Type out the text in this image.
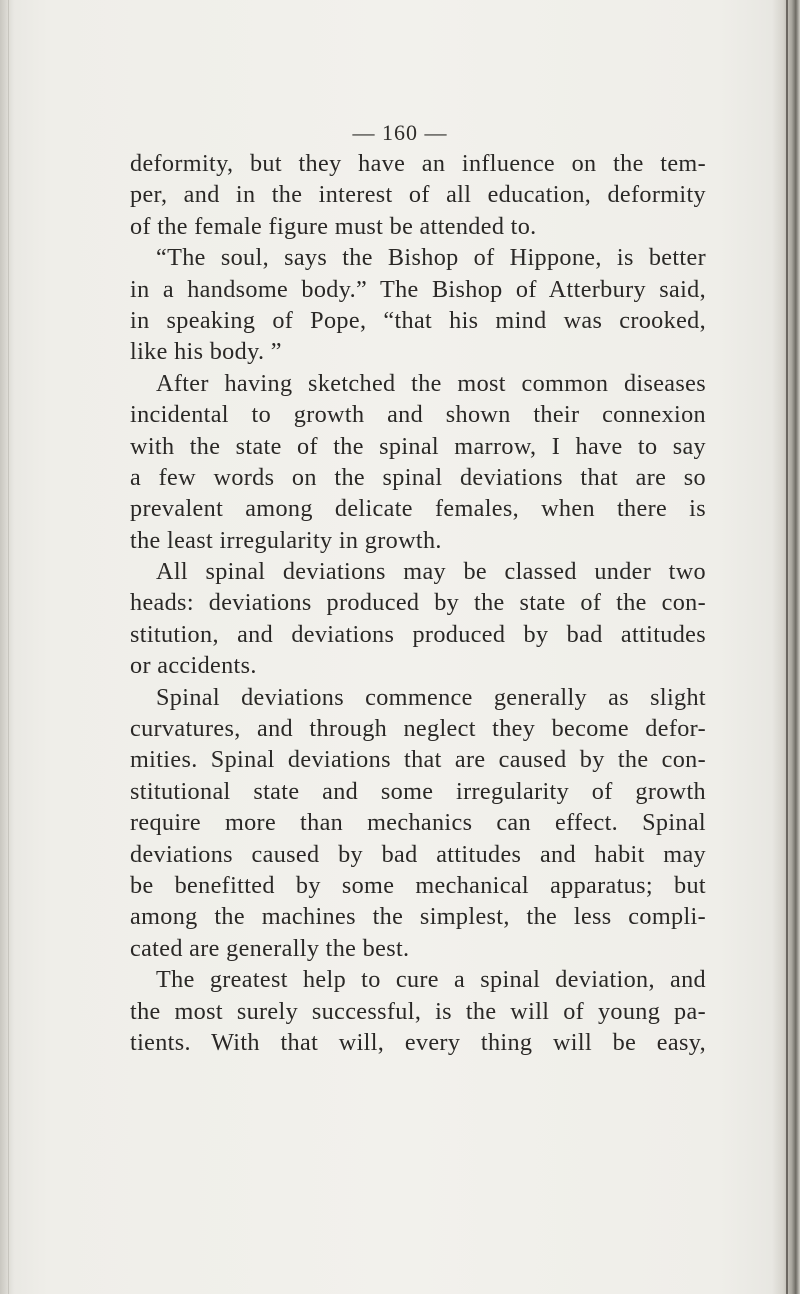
— 160 —
deformity, but they have an influence on the tem-
per, and in the interest of all education, deformity
of the female figure must be attended to.
“The soul, says the Bishop of Hippone, is better
in a handsome body.” The Bishop of Atterbury said,
in speaking of Pope, “that his mind was crooked,
like his body. ”
After having sketched the most common diseases
incidental to growth and shown their connexion
with the state of the spinal marrow, I have to say
a few words on the spinal deviations that are so
prevalent among delicate females, when there is
the least irregularity in growth.
All spinal deviations may be classed under two
heads: deviations produced by the state of the con-
stitution, and deviations produced by bad attitudes
or accidents.
Spinal deviations commence generally as slight
curvatures, and through neglect they become defor-
mities. Spinal deviations that are caused by the con-
stitutional state and some irregularity of growth
require more than mechanics can effect. Spinal
deviations caused by bad attitudes and habit may
be benefitted by some mechanical apparatus; but
among the machines the simplest, the less compli-
cated are generally the best.
The greatest help to cure a spinal deviation, and
the most surely successful, is the will of young pa-
tients. With that will, every thing will be easy,
